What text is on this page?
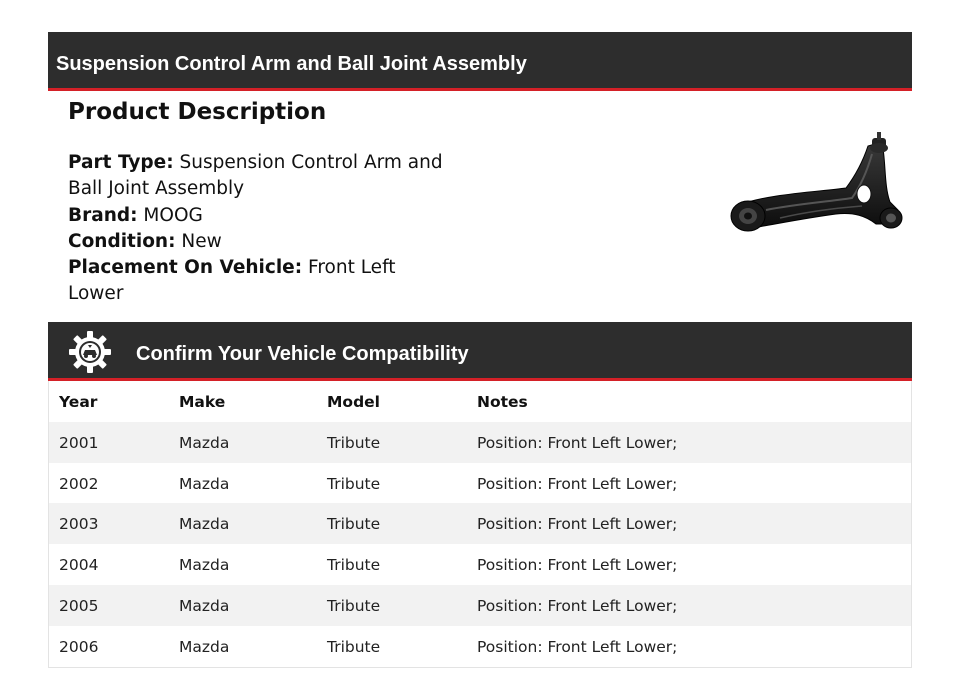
Suspension Control Arm and Ball Joint Assembly
Product Description
Part Type: Suspension Control Arm and Ball Joint Assembly
Brand: MOOG
Condition: New
Placement On Vehicle: Front Left Lower
Confirm Your Vehicle Compatibility
Year	Make	Model	Notes
2001	Mazda	Tribute	Position: Front Left Lower;
2002	Mazda	Tribute	Position: Front Left Lower;
2003	Mazda	Tribute	Position: Front Left Lower;
2004	Mazda	Tribute	Position: Front Left Lower;
2005	Mazda	Tribute	Position: Front Left Lower;
2006	Mazda	Tribute	Position: Front Left Lower;
